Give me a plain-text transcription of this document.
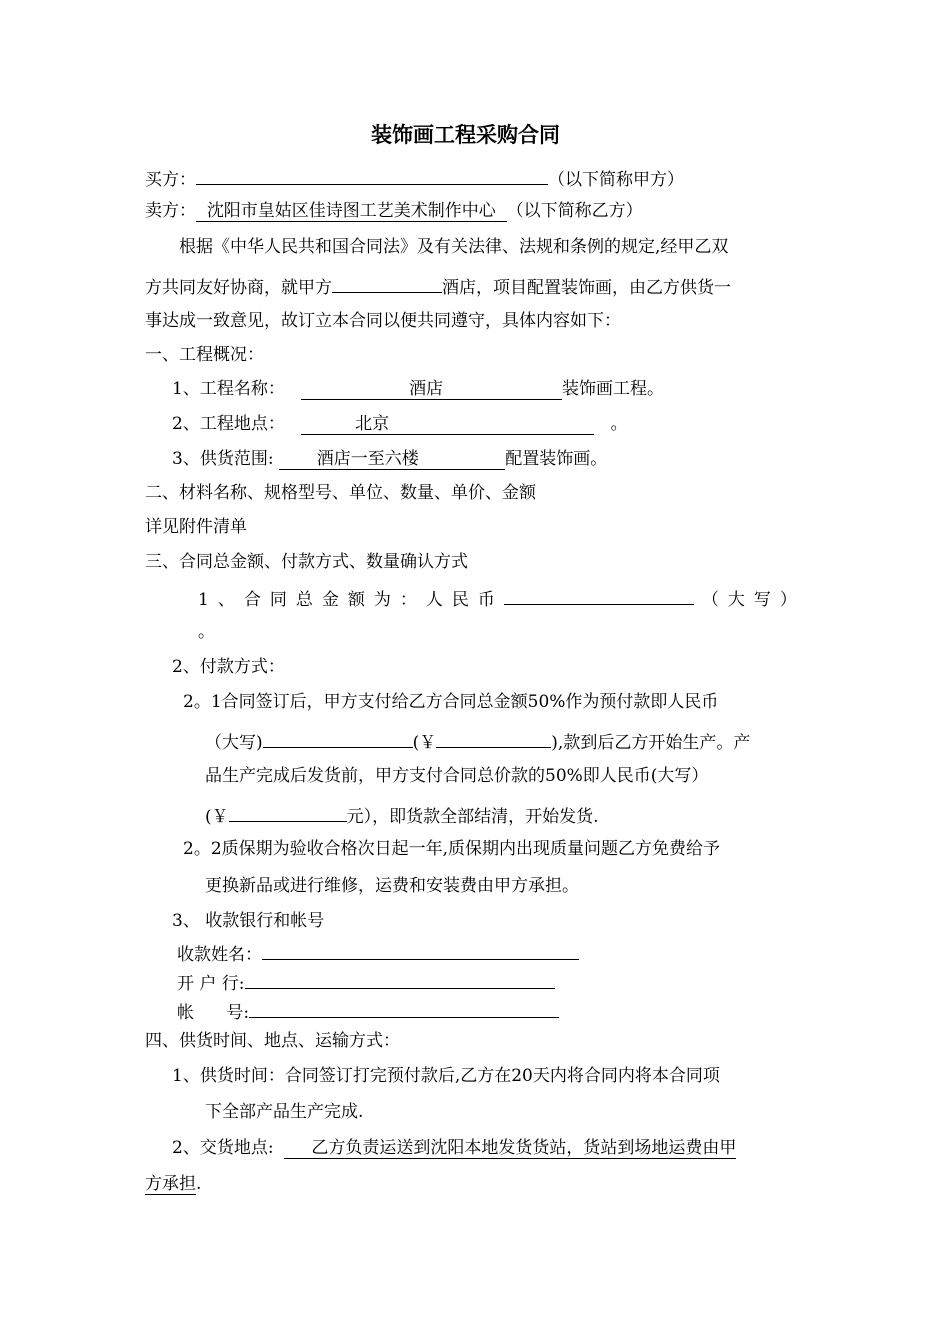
装饰画工程采购合同
买方：	（以下简称甲方）
卖方： 沈阳市皇姑区佳诗图工艺美术制作中心 （以下简称乙方）
根据《中华人民共和国合同法》及有关法律、法规和条例的规定,经甲乙双
方共同友好协商，就甲方	酒店，项目配置装饰画，由乙方供货一
事达成一致意见，故订立本合同以便共同遵守，具体内容如下：
一、工程概况：
1、工程名称：	酒店	装饰画工程。
2、工程地点：	北京	。
3、供货范围:	酒店一至六楼	配置装饰画。
二、材料名称、规格型号、单位、数量、单价、金额
详见附件清单
三、合同总金额、付款方式、数量确认方式
1、合同总金额为：人民币	（大写）
。
2、付款方式：
2。1合同签订后，甲方支付给乙方合同总金额50%作为预付款即人民币
（大写)	(￥	),款到后乙方开始生产。产
品生产完成后发货前，甲方支付合同总价款的50%即人民币(大写）
(￥	元），即货款全部结清，开始发货.
2。2质保期为验收合格次日起一年,质保期内出现质量问题乙方免费给予
更换新品或进行维修，运费和安装费由甲方承担。
3、 收款银行和帐号
收款姓名：
开 户 行:
帐      号:
四、供货时间、地点、运输方式：
1、供货时间：合同签订打完预付款后,乙方在20天内将合同内将本合同项
下全部产品生产完成.
2、交货地点: 乙方负责运送到沈阳本地发货货站，货站到场地运费由甲
方承担.
